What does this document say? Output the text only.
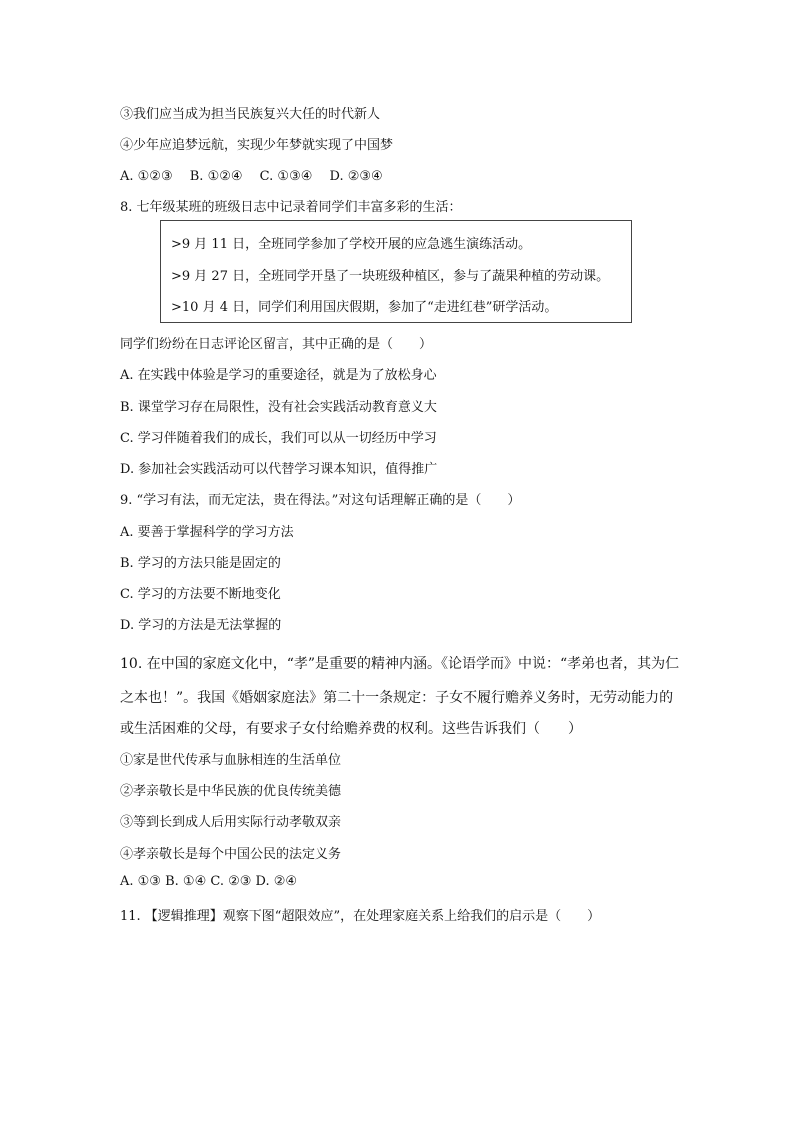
③我们应当成为担当民族复兴大任的时代新人
④少年应追梦远航，实现少年梦就实现了中国梦
A. ①②③　 B. ①②④　 C. ①③④　 D. ②③④
8. 七年级某班的班级日志中记录着同学们丰富多彩的生活：
>9 月 11 日，全班同学参加了学校开展的应急逃生演练活动。
>9 月 27 日，全班同学开垦了一块班级种植区，参与了蔬果种植的劳动课。
>10 月 4 日，同学们利用国庆假期，参加了“走进红巷”研学活动。
同学们纷纷在日志评论区留言，其中正确的是（　　）
A. 在实践中体验是学习的重要途径，就是为了放松身心
B. 课堂学习存在局限性，没有社会实践活动教育意义大
C. 学习伴随着我们的成长，我们可以从一切经历中学习
D. 参加社会实践活动可以代替学习课本知识，值得推广
9. “学习有法，而无定法，贵在得法。”对这句话理解正确的是（　　）
A. 要善于掌握科学的学习方法
B. 学习的方法只能是固定的
C. 学习的方法要不断地变化
D. 学习的方法是无法掌握的
10. 在中国的家庭文化中，“孝”是重要的精神内涵。《论语学而》中说：“孝弟也者，其为仁
之本也！”。我国《婚姻家庭法》第二十一条规定：子女不履行赡养义务时，无劳动能力的
或生活困难的父母，有要求子女付给赡养费的权利。这些告诉我们（　　）
①家是世代传承与血脉相连的生活单位
②孝亲敬长是中华民族的优良传统美德
③等到长到成人后用实际行动孝敬双亲
④孝亲敬长是每个中国公民的法定义务
A. ①③ B. ①④ C. ②③ D. ②④
11. 【逻辑推理】观察下图“超限效应”，在处理家庭关系上给我们的启示是（　　）
